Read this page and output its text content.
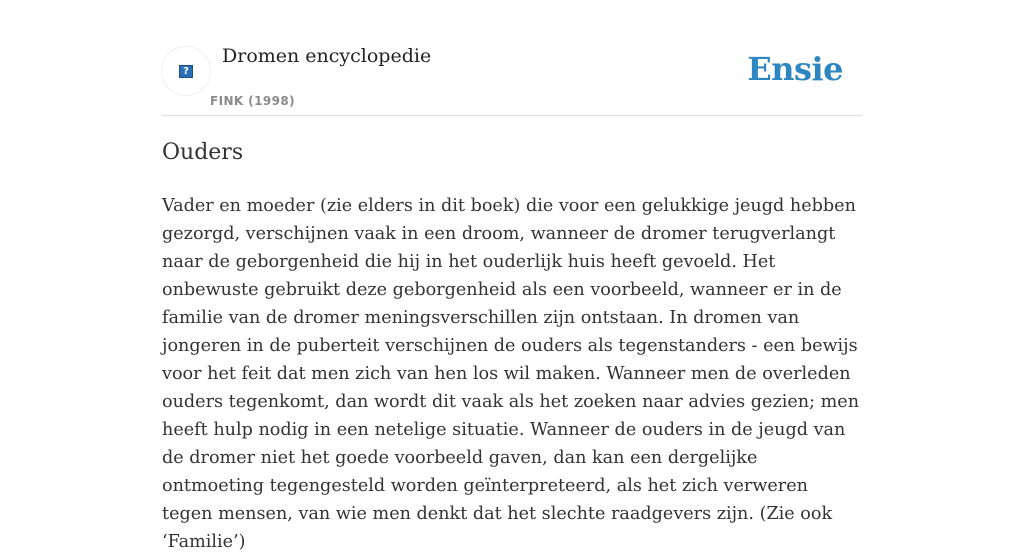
?
Dromen encyclopedie
FINK (1998)
Ensie
Ouders

Vader en moeder (zie elders in dit boek) die voor een gelukkige jeugd hebben gezorgd, verschijnen vaak in een droom, wanneer de dromer terugverlangt naar de geborgenheid die hij in het ouderlijk huis heeft gevoeld. Het onbewuste gebruikt deze geborgenheid als een voorbeeld, wanneer er in de familie van de dromer meningsverschillen zijn ontstaan. In dromen van jongeren in de puberteit verschijnen de ouders als tegenstanders - een bewijs voor het feit dat men zich van hen los wil maken. Wanneer men de overleden ouders tegenkomt, dan wordt dit vaak als het zoeken naar advies gezien; men heeft hulp nodig in een netelige situatie. Wanneer de ouders in de jeugd van de dromer niet het goede voorbeeld gaven, dan kan een dergelijke ontmoeting tegengesteld worden geïnterpreteerd, als het zich verweren tegen mensen, van wie men denkt dat het slechte raadgevers zijn. (Zie ook ‘Familie’)
